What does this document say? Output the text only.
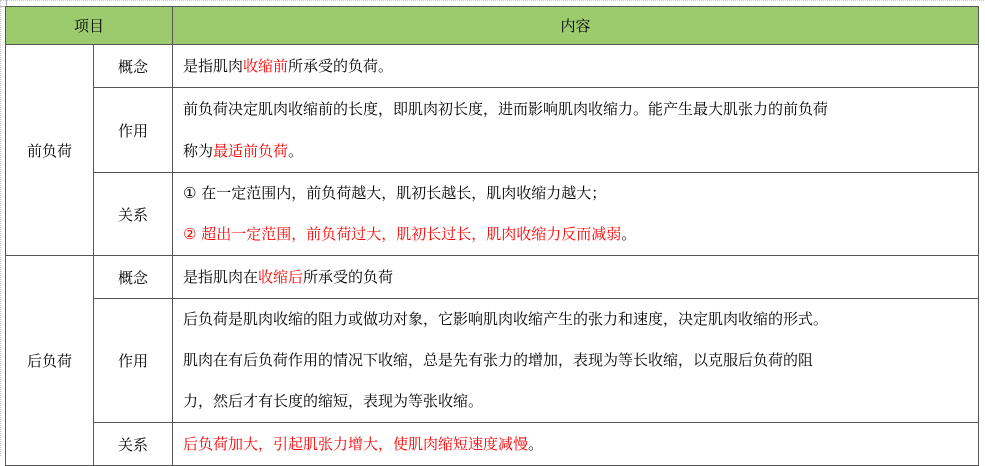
项目		内容
前负荷	概念	是指肌肉收缩前所承受的负荷。
	作用	前负荷决定肌肉收缩前的长度，即肌肉初长度，进而影响肌肉收缩力。能产生最大肌张力的前负荷
称为最适前负荷。

	关系	① 在一定范围内，前负荷越大，肌初长越长，肌肉收缩力越大；
② 超出一定范围，前负荷过大，肌初长过长，肌肉收缩力反而减弱。

后负荷	概念	是指肌肉在收缩后所承受的负荷
	作用	后负荷是肌肉收缩的阻力或做功对象，它影响肌肉收缩产生的张力和速度，决定肌肉收缩的形式。
肌肉在有后负荷作用的情况下收缩，总是先有张力的增加，表现为等长收缩，以克服后负荷的阻
力，然后才有长度的缩短，表现为等张收缩。

	关系	后负荷加大，引起肌张力增大，使肌肉缩短速度减慢。
